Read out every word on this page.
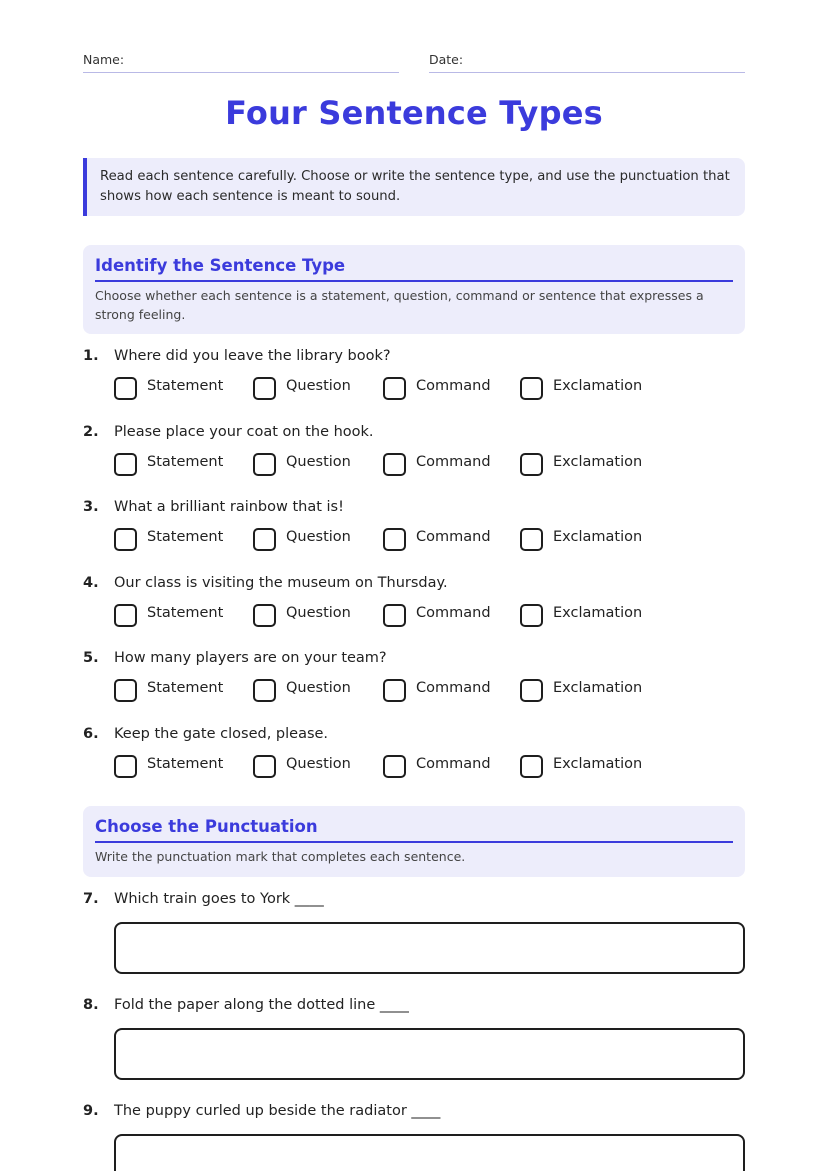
Name:	Date:
Four Sentence Types
Read each sentence carefully. Choose or write the sentence type, and use the punctuation that shows how each sentence is meant to sound.
Identify the Sentence Type
Choose whether each sentence is a statement, question, command or sentence that expresses a strong feeling.
1. Where did you leave the library book?
Statement	Question	Command	Exclamation
2. Please place your coat on the hook.
Statement	Question	Command	Exclamation
3. What a brilliant rainbow that is!
Statement	Question	Command	Exclamation
4. Our class is visiting the museum on Thursday.
Statement	Question	Command	Exclamation
5. How many players are on your team?
Statement	Question	Command	Exclamation
6. Keep the gate closed, please.
Statement	Question	Command	Exclamation
Choose the Punctuation
Write the punctuation mark that completes each sentence.
7. Which train goes to York ____
8. Fold the paper along the dotted line ____
9. The puppy curled up beside the radiator ____
